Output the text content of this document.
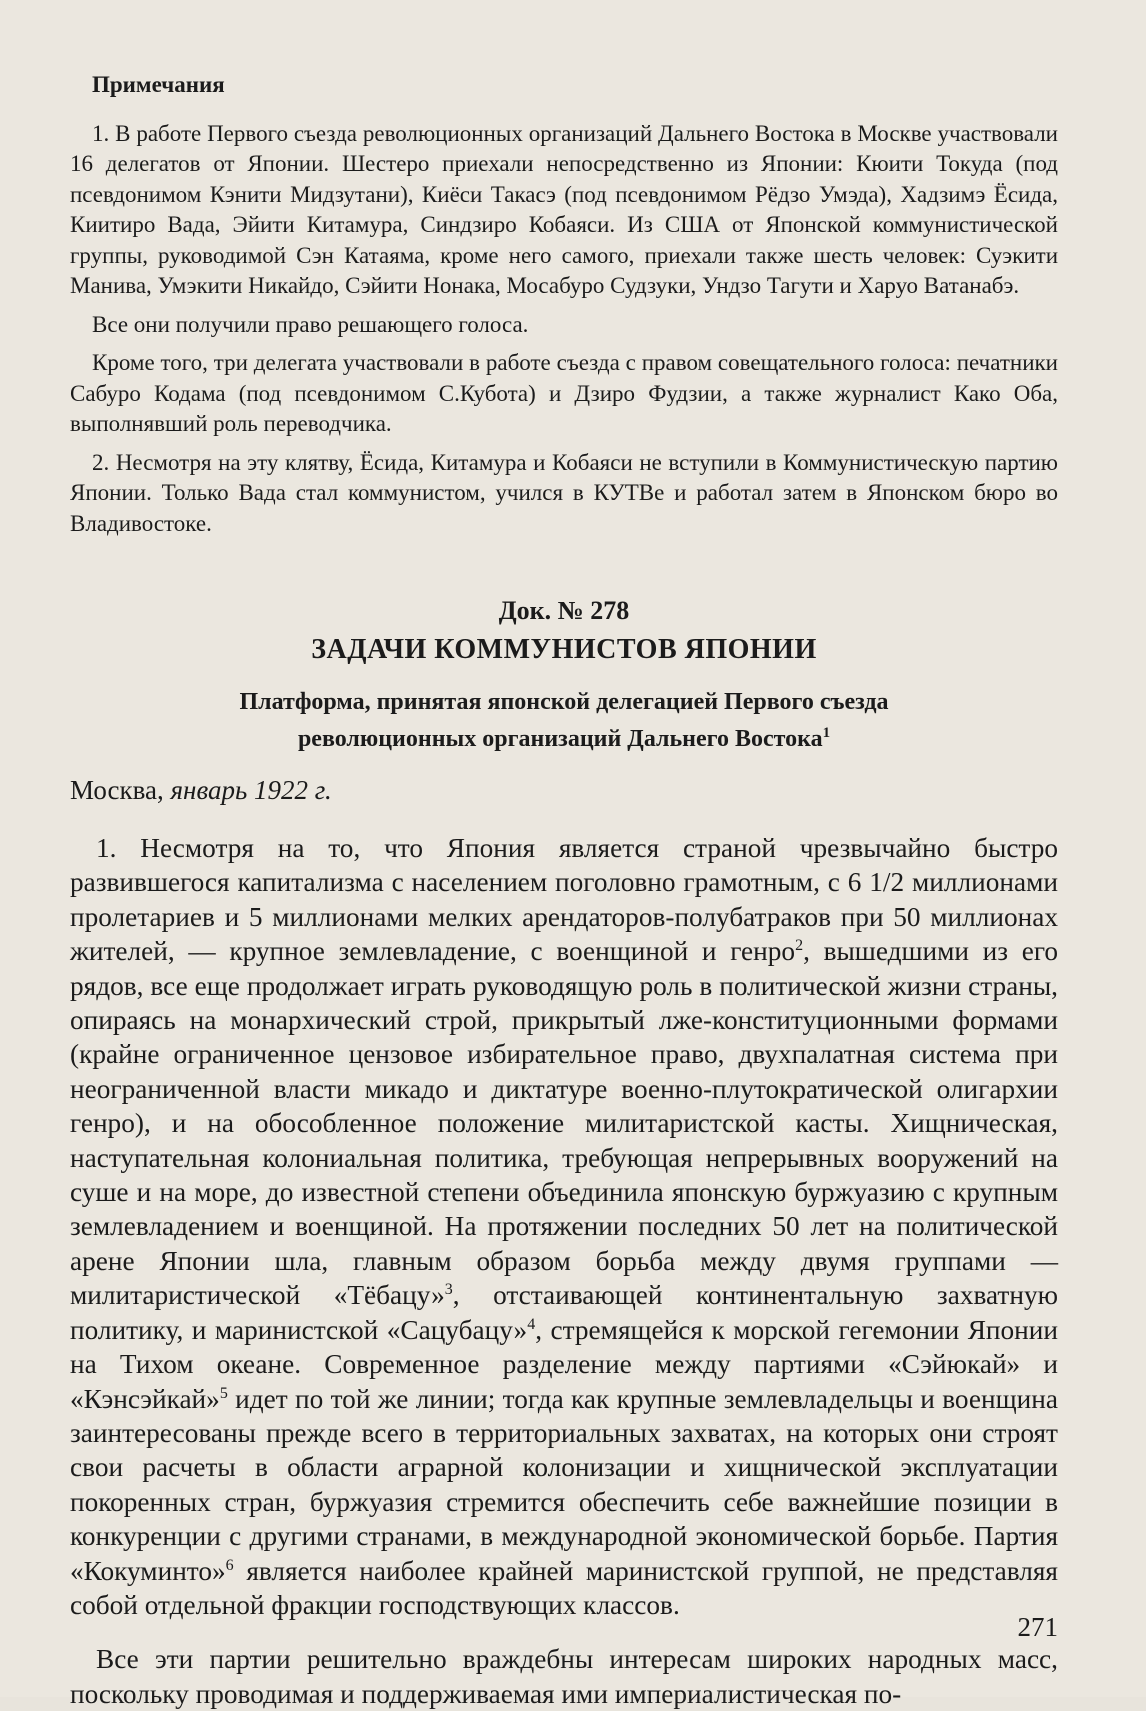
Примечания

1. В работе Первого съезда революционных организаций Дальнего Востока в Москве участвовали 16 делегатов от Японии. Шестеро приехали непосредственно из Японии: Кюити Токуда (под псевдонимом Кэнити Мидзутани), Киёси Такасэ (под псевдонимом Рёдзо Умэда), Хадзимэ Ёсида, Киитиро Вада, Эйити Китамура, Синдзиро Кобаяси. Из США от Японской коммунистической группы, руководимой Сэн Катаяма, кроме него самого, приехали также шесть человек: Суэкити Манива, Умэкити Никайдо, Сэйити Нонака, Мосабуро Судзуки, Ундзо Тагути и Харуо Ватанабэ.

Все они получили право решающего голоса.

Кроме того, три делегата участвовали в работе съезда с правом совещательного голоса: печатники Сабуро Кодама (под псевдонимом С.Кубота) и Дзиро Фудзии, а также журналист Како Оба, выполнявший роль переводчика.

2. Несмотря на эту клятву, Ёсида, Китамура и Кобаяси не вступили в Коммунистическую партию Японии. Только Вада стал коммунистом, учился в КУТВе и работал затем в Японском бюро во Владивостоке.

Док. № 278
ЗАДАЧИ КОММУНИСТОВ ЯПОНИИ
Платформа, принятая японской делегацией Первого съезда
революционных организаций Дальнего Востока$^1$
Москва, январь 1922 г.

1. Несмотря на то, что Япония является страной чрезвычайно быстро развившегося капитализма с населением поголовно грамотным, с 6 1/2 миллионами пролетариев и 5 миллионами мелких арендаторов-полубатраков при 50 миллионах жителей, — крупное землевладение, с военщиной и генро$^2$, вышедшими из его рядов, все еще продолжает играть руководящую роль в политической жизни страны, опираясь на монархический строй, прикрытый лже-конституционными формами (крайне ограниченное цензовое избирательное право, двухпалатная система при неограниченной власти микадо и диктатуре военно-плутократической олигархии генро), и на обособленное положение милитаристской касты. Хищническая, наступательная колониальная политика, требующая непрерывных вооружений на суше и на море, до известной степени объединила японскую буржуазию с крупным землевладением и военщиной. На протяжении последних 50 лет на политической арене Японии шла, главным образом борьба между двумя группами — милитаристической «Тёбацу»$^3$, отстаивающей континентальную захватную политику, и маринистской «Сацубацу»$^4$, стремящейся к морской гегемонии Японии на Тихом океане. Современное разделение между партиями «Сэйюкай» и «Кэнсэйкай»$^5$ идет по той же линии; тогда как крупные землевладельцы и военщина заинтересованы прежде всего в территориальных захватах, на которых они строят свои расчеты в области аграрной колонизации и хищнической эксплуатации покоренных стран, буржуазия стремится обеспечить себе важнейшие позиции в конкуренции с другими странами, в международной экономической борьбе. Партия «Кокуминто»$^6$ является наиболее крайней маринистской группой, не представляя собой отдельной фракции господствующих классов.

Все эти партии решительно враждебны интересам широких народных масс, поскольку проводимая и поддерживаемая ими империалистическая по-

271
